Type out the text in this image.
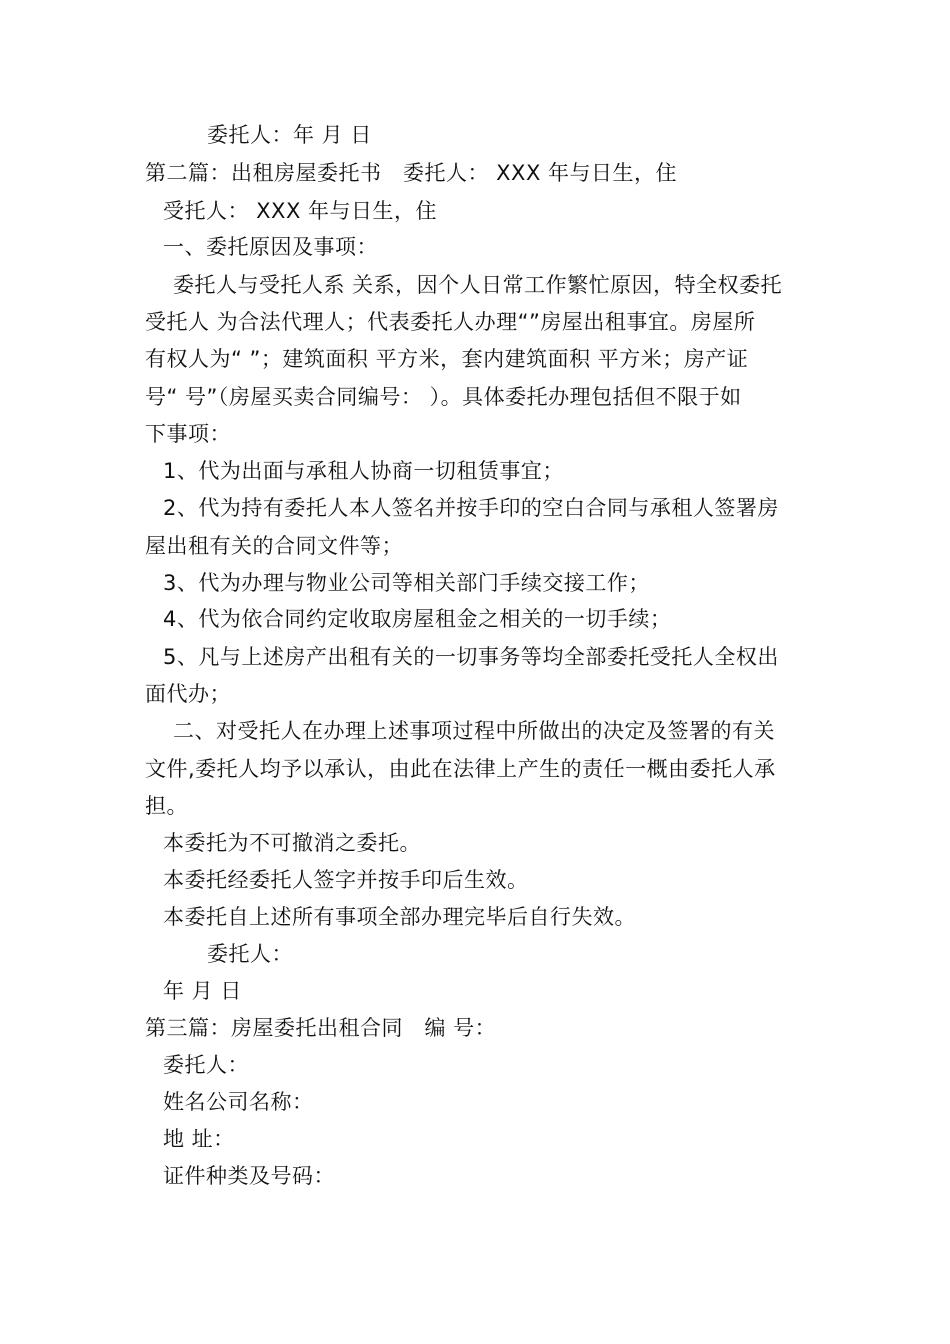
委托人：年 月 日
第二篇：出租房屋委托书　委托人： XXX 年与日生，住
受托人： XXX 年与日生，住
一、委托原因及事项：
委托人与受托人系 关系，因个人日常工作繁忙原因，特全权委托
受托人 为合法代理人；代表委托人办理“”房屋出租事宜。房屋所
有权人为“ ”；建筑面积 平方米，套内建筑面积 平方米；房产证
号“ 号”（房屋买卖合同编号： ）。具体委托办理包括但不限于如
下事项：
1、代为出面与承租人协商一切租赁事宜；
2、代为持有委托人本人签名并按手印的空白合同与承租人签署房
屋出租有关的合同文件等；
3、代为办理与物业公司等相关部门手续交接工作；
4、代为依合同约定收取房屋租金之相关的一切手续；
5、凡与上述房产出租有关的一切事务等均全部委托受托人全权出
面代办；
二、对受托人在办理上述事项过程中所做出的决定及签署的有关
文件,委托人均予以承认，由此在法律上产生的责任一概由委托人承
担。
本委托为不可撤消之委托。
本委托经委托人签字并按手印后生效。
本委托自上述所有事项全部办理完毕后自行失效。
委托人：
年 月 日
第三篇：房屋委托出租合同　编 号：
委托人：
姓名公司名称：
地 址：
证件种类及号码：
